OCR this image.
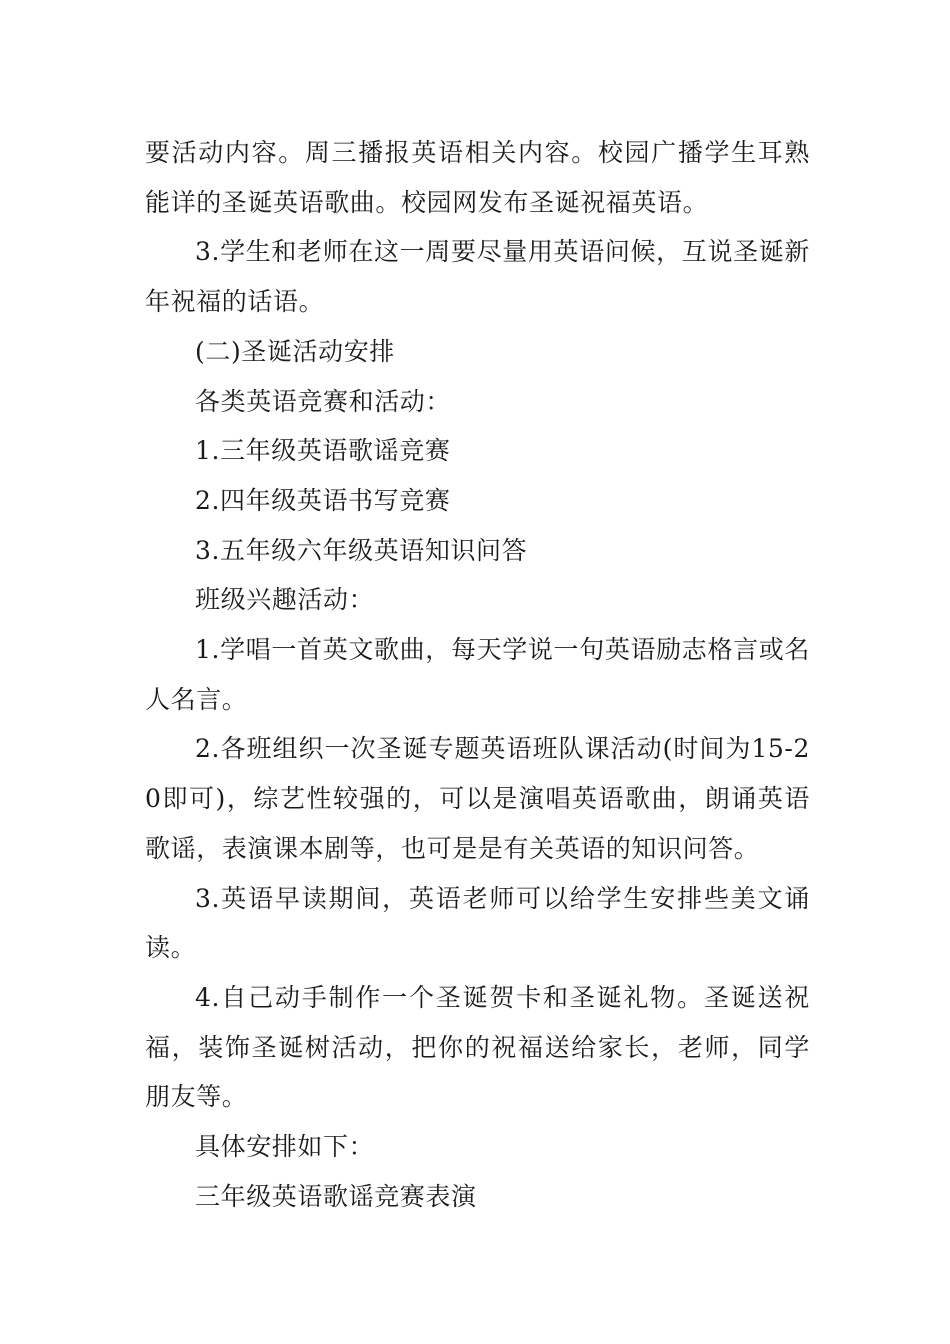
要活动内容。周三播报英语相关内容。校园广播学生耳熟能详的圣诞英语歌曲。校园网发布圣诞祝福英语。

3.学生和老师在这一周要尽量用英语问候，互说圣诞新年祝福的话语。

(二)圣诞活动安排

各类英语竞赛和活动：

1.三年级英语歌谣竞赛

2.四年级英语书写竞赛

3.五年级六年级英语知识问答

班级兴趣活动：

1.学唱一首英文歌曲，每天学说一句英语励志格言或名人名言。

2.各班组织一次圣诞专题英语班队课活动(时间为15-20即可)，综艺性较强的，可以是演唱英语歌曲，朗诵英语歌谣，表演课本剧等，也可是是有关英语的知识问答。

3.英语早读期间，英语老师可以给学生安排些美文诵读。

4.自己动手制作一个圣诞贺卡和圣诞礼物。圣诞送祝福，装饰圣诞树活动，把你的祝福送给家长，老师，同学朋友等。

具体安排如下：

三年级英语歌谣竞赛表演
